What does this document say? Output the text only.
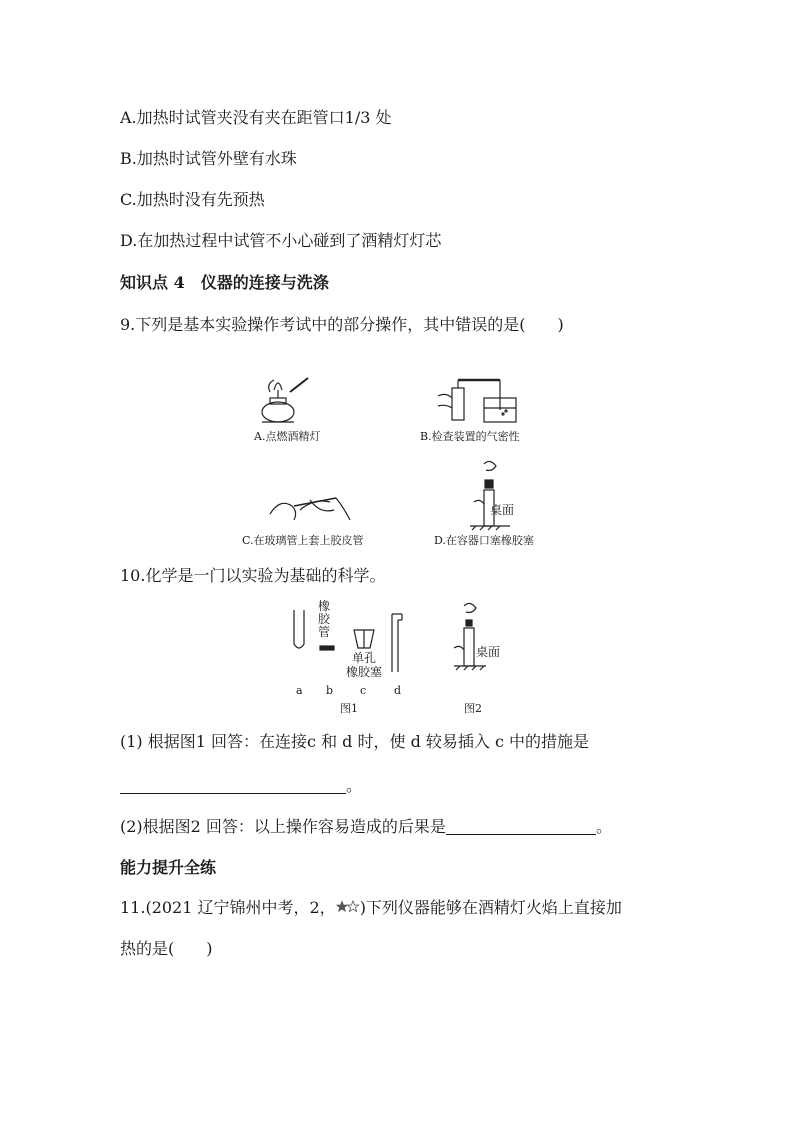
A.加热时试管夹没有夹在距管口1/3 处
B.加热时试管外壁有水珠
C.加热时没有先预热
D.在加热过程中试管不小心碰到了酒精灯灯芯
知识点 4　仪器的连接与洗涤
9.下列是基本实验操作考试中的部分操作，其中错误的是(　　)
A.点燃酒精灯	B.检查装置的气密性
C.在玻璃管上套上胶皮管
桌面
D.在容器口塞橡胶塞
10.化学是一门以实验为基础的科学。
橡胶管
单孔
橡胶塞
a b c	d
图1
桌面
图2
(1) 根据图1 回答：在连接c 和 d 时，使 d 较易插入 c 中的措施是
。
(2)根据图2 回答：以上操作容易造成的后果是	。
能力提升全练
11.(2021 辽宁锦州中考，2， )下列仪器能够在酒精灯火焰上直接加
热的是(　　)
